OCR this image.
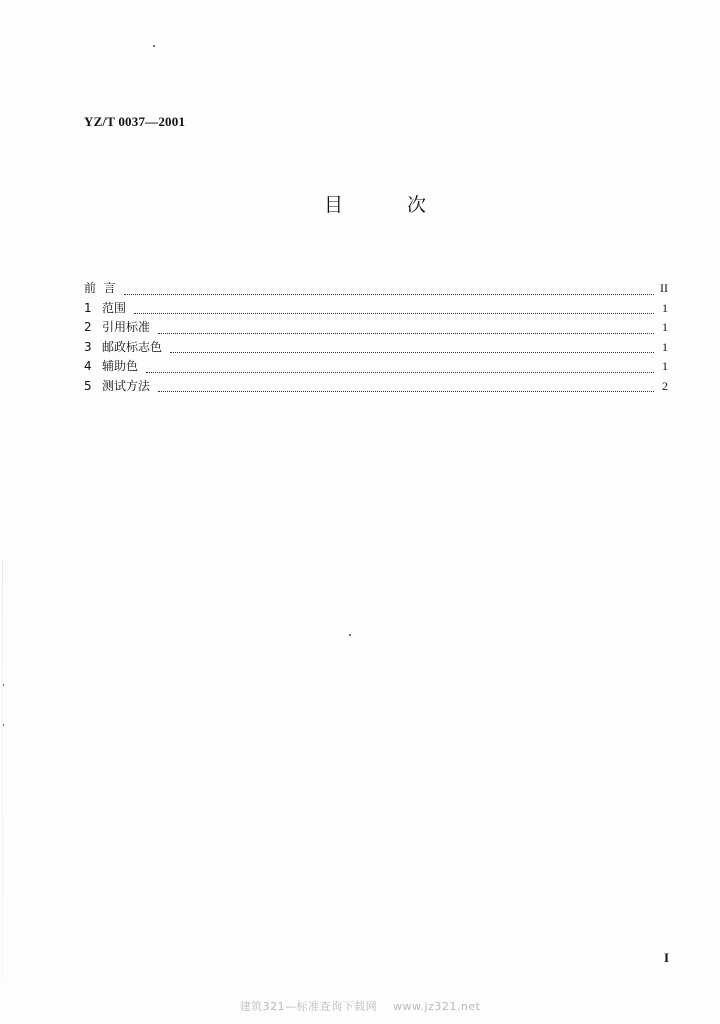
YZ/T 0037—2001
目	次
前  言	II
1 范围	1
2 引用标准	1
3 邮政标志色	1
4 辅助色	1
5 测试方法	2
I
建筑321—标准查询下载网    www.jz321.net
